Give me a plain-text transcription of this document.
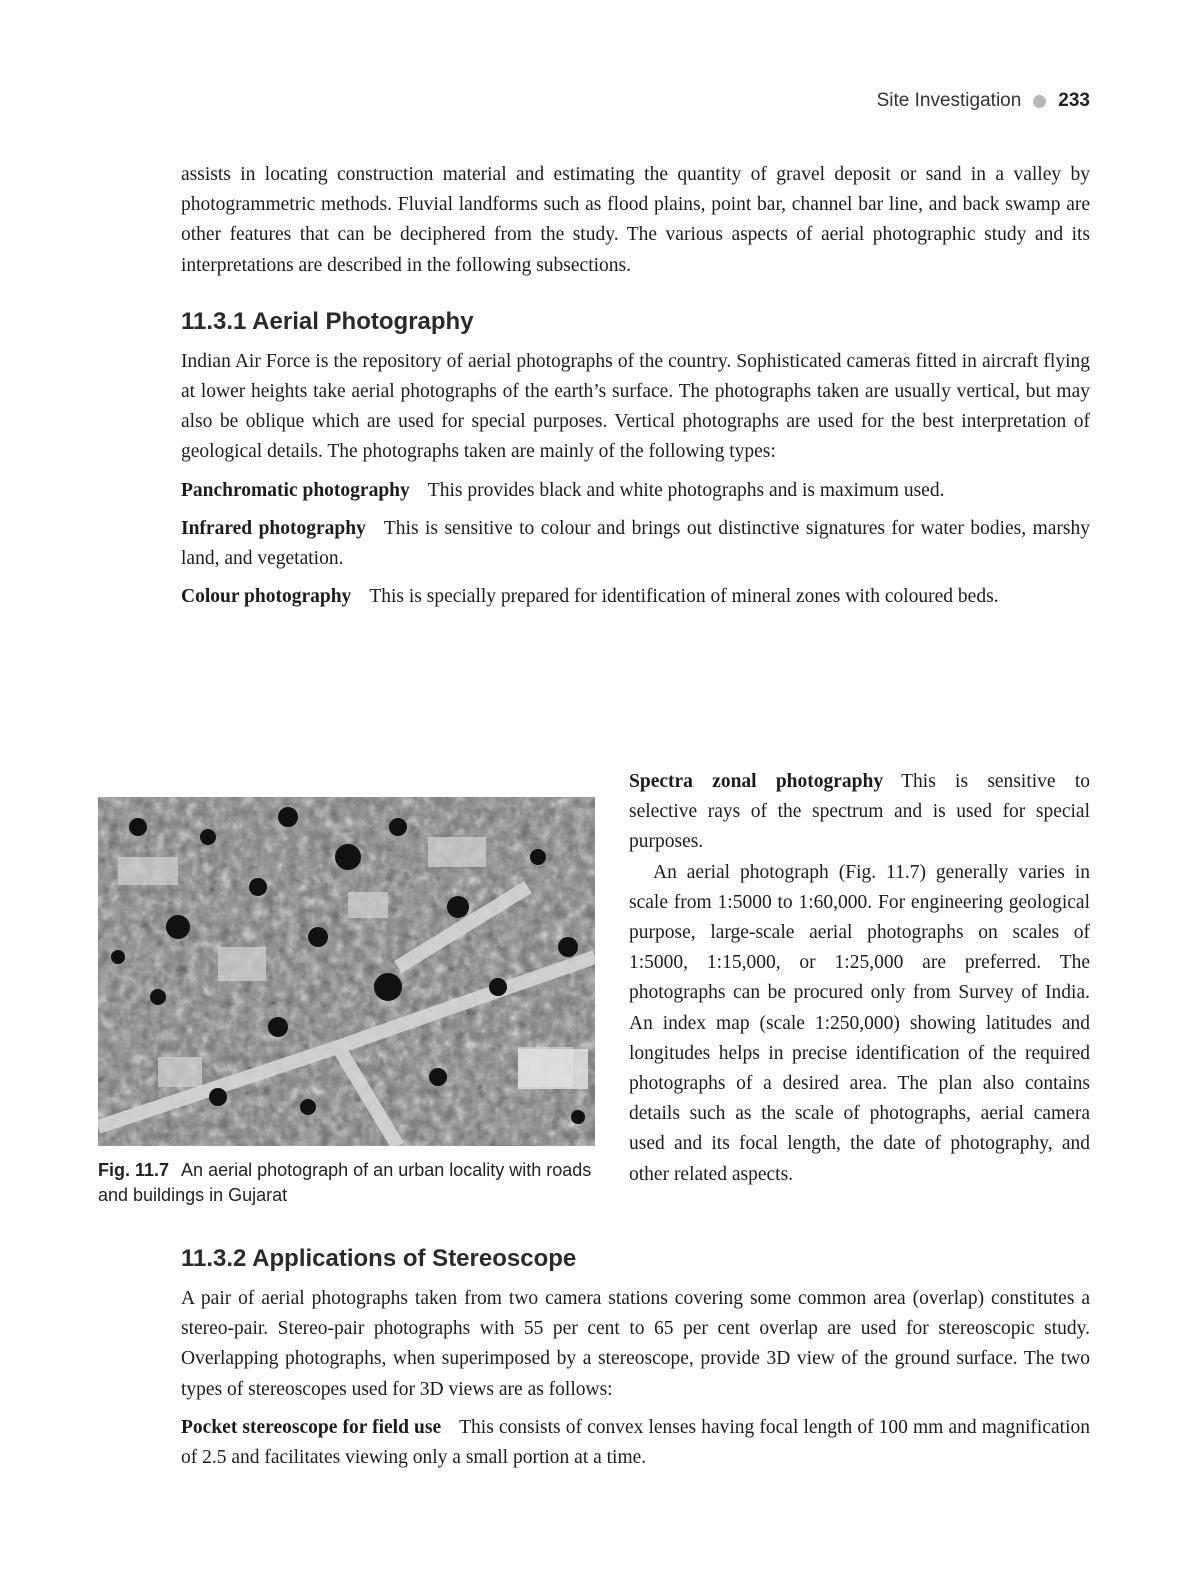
Site Investigation 233

assists in locating construction material and estimating the quantity of gravel deposit or sand in a valley by photogrammetric methods. Fluvial landforms such as flood plains, point bar, channel bar line, and back swamp are other features that can be deciphered from the study. The various aspects of aerial photographic study and its interpretations are described in the following subsections.

11.3.1 Aerial Photography

Indian Air Force is the repository of aerial photographs of the country. Sophisticated cameras fitted in aircraft flying at lower heights take aerial photographs of the earth’s surface. The photographs taken are usually vertical, but may also be oblique which are used for special purposes. Vertical photographs are used for the best interpretation of geological details. The photographs taken are mainly of the following types:

Panchromatic photography This provides black and white photographs and is maximum used.

Infrared photography This is sensitive to colour and brings out distinctive signatures for water bodies, marshy land, and vegetation.

Colour photography This is specially prepared for identification of mineral zones with coloured beds.

Fig. 11.7 An aerial photograph of an urban locality with roads and buildings in Gujarat

Spectra zonal photography This is sensitive to selective rays of the spectrum and is used for special purposes.

An aerial photograph (Fig. 11.7) generally varies in scale from 1:5000 to 1:60,000. For engineering geological purpose, large-scale aerial photographs on scales of 1:5000, 1:15,000, or 1:25,000 are preferred. The photographs can be procured only from Survey of India. An index map (scale 1:250,000) showing latitudes and longitudes helps in precise identification of the required photographs of a desired area. The plan also contains details such as the scale of photographs, aerial camera used and its focal length, the date of photography, and other related aspects.

11.3.2 Applications of Stereoscope

A pair of aerial photographs taken from two camera stations covering some common area (overlap) constitutes a stereo-pair. Stereo-pair photographs with 55 per cent to 65 per cent overlap are used for stereoscopic study. Overlapping photographs, when superimposed by a stereoscope, provide 3D view of the ground surface. The two types of stereoscopes used for 3D views are as follows:

Pocket stereoscope for field use This consists of convex lenses having focal length of 100 mm and magnification of 2.5 and facilitates viewing only a small portion at a time.
